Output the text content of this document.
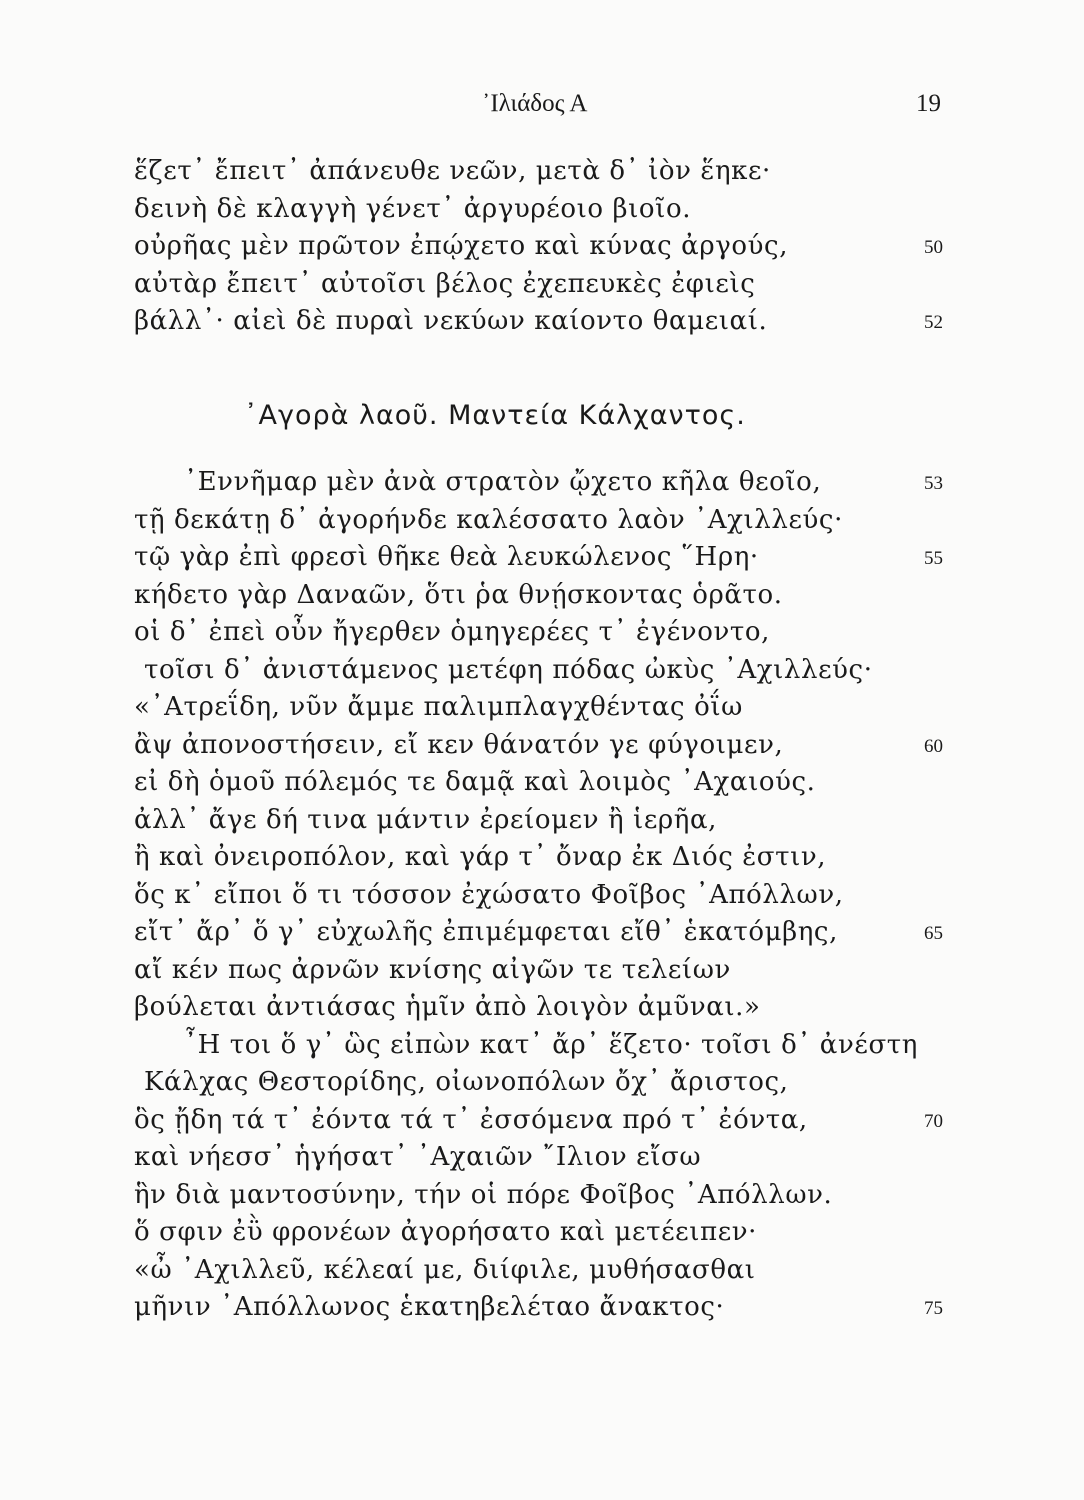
᾿Ιλιάδος Α	19
ἕζετ᾿ ἔπειτ᾿ ἀπάνευθε νεῶν, μετὰ δ᾿ ἰὸν ἕηκε·
δεινὴ δὲ κλαγγὴ γένετ᾿ ἀργυρέοιο βιοῖο.
οὐρῆας μὲν πρῶτον ἐπῴχετο καὶ κύνας ἀργούς,	50
αὐτὰρ ἔπειτ᾿ αὐτοῖσι βέλος ἐχεπευκὲς ἐφιεὶς
βάλλ᾿· αἰεὶ δὲ πυραὶ νεκύων καίοντο θαμειαί.	52
᾿Αγορὰ λαοῦ. Μαντεία Κάλχαντος.
᾿Εννῆμαρ μὲν ἀνὰ στρατὸν ᾤχετο κῆλα θεοῖο,	53
τῇ δεκάτῃ δ᾿ ἀγορήνδε καλέσσατο λαὸν ᾿Αχιλλεύς·
τῷ γὰρ ἐπὶ φρεσὶ θῆκε θεὰ λευκώλενος ῞Ηρη·	55
κήδετο γὰρ Δαναῶν, ὅτι ῥα θνῄσκοντας ὁρᾶτο.
οἱ δ᾿ ἐπεὶ οὖν ἤγερθεν ὁμηγερέες τ᾿ ἐγένοντο,
τοῖσι δ᾿ ἀνιστάμενος μετέφη πόδας ὠκὺς ᾿Αχιλλεύς·
«᾿Ατρεΐδη, νῦν ἄμμε παλιμπλαγχθέντας ὀΐω
ἂψ ἀπονοστήσειν, εἴ κεν θάνατόν γε φύγοιμεν,	60
εἰ δὴ ὁμοῦ πόλεμός τε δαμᾷ καὶ λοιμὸς ᾿Αχαιούς.
ἀλλ᾿ ἄγε δή τινα μάντιν ἐρείομεν ἢ ἱερῆα,
ἢ καὶ ὀνειροπόλον, καὶ γάρ τ᾿ ὄναρ ἐκ Διός ἐστιν,
ὅς κ᾿ εἴποι ὅ τι τόσσον ἐχώσατο Φοῖβος ᾿Απόλλων,
εἴτ᾿ ἄρ᾿ ὅ γ᾿ εὐχωλῆς ἐπιμέμφεται εἴθ᾿ ἑκατόμβης,	65
αἴ κέν πως ἀρνῶν κνίσης αἰγῶν τε τελείων
βούλεται ἀντιάσας ἡμῖν ἀπὸ λοιγὸν ἀμῦναι.»
῏Η τοι ὅ γ᾿ ὣς εἰπὼν κατ᾿ ἄρ᾿ ἕζετο· τοῖσι δ᾿ ἀνέστη
Κάλχας Θεστορίδης, οἰωνοπόλων ὄχ᾿ ἄριστος,
ὃς ᾔδη τά τ᾿ ἐόντα τά τ᾿ ἐσσόμενα πρό τ᾿ ἐόντα,	70
καὶ νήεσσ᾿ ἡγήσατ᾿ ᾿Αχαιῶν ῎Ιλιον εἴσω
ἣν διὰ μαντοσύνην, τήν οἱ πόρε Φοῖβος ᾿Απόλλων.
ὅ σφιν ἐῢ φρονέων ἀγορήσατο καὶ μετέειπεν·
«ὦ ᾿Αχιλλεῦ, κέλεαί με, διίφιλε, μυθήσασθαι
μῆνιν ᾿Απόλλωνος ἑκατηβελέταο ἄνακτος·	75
